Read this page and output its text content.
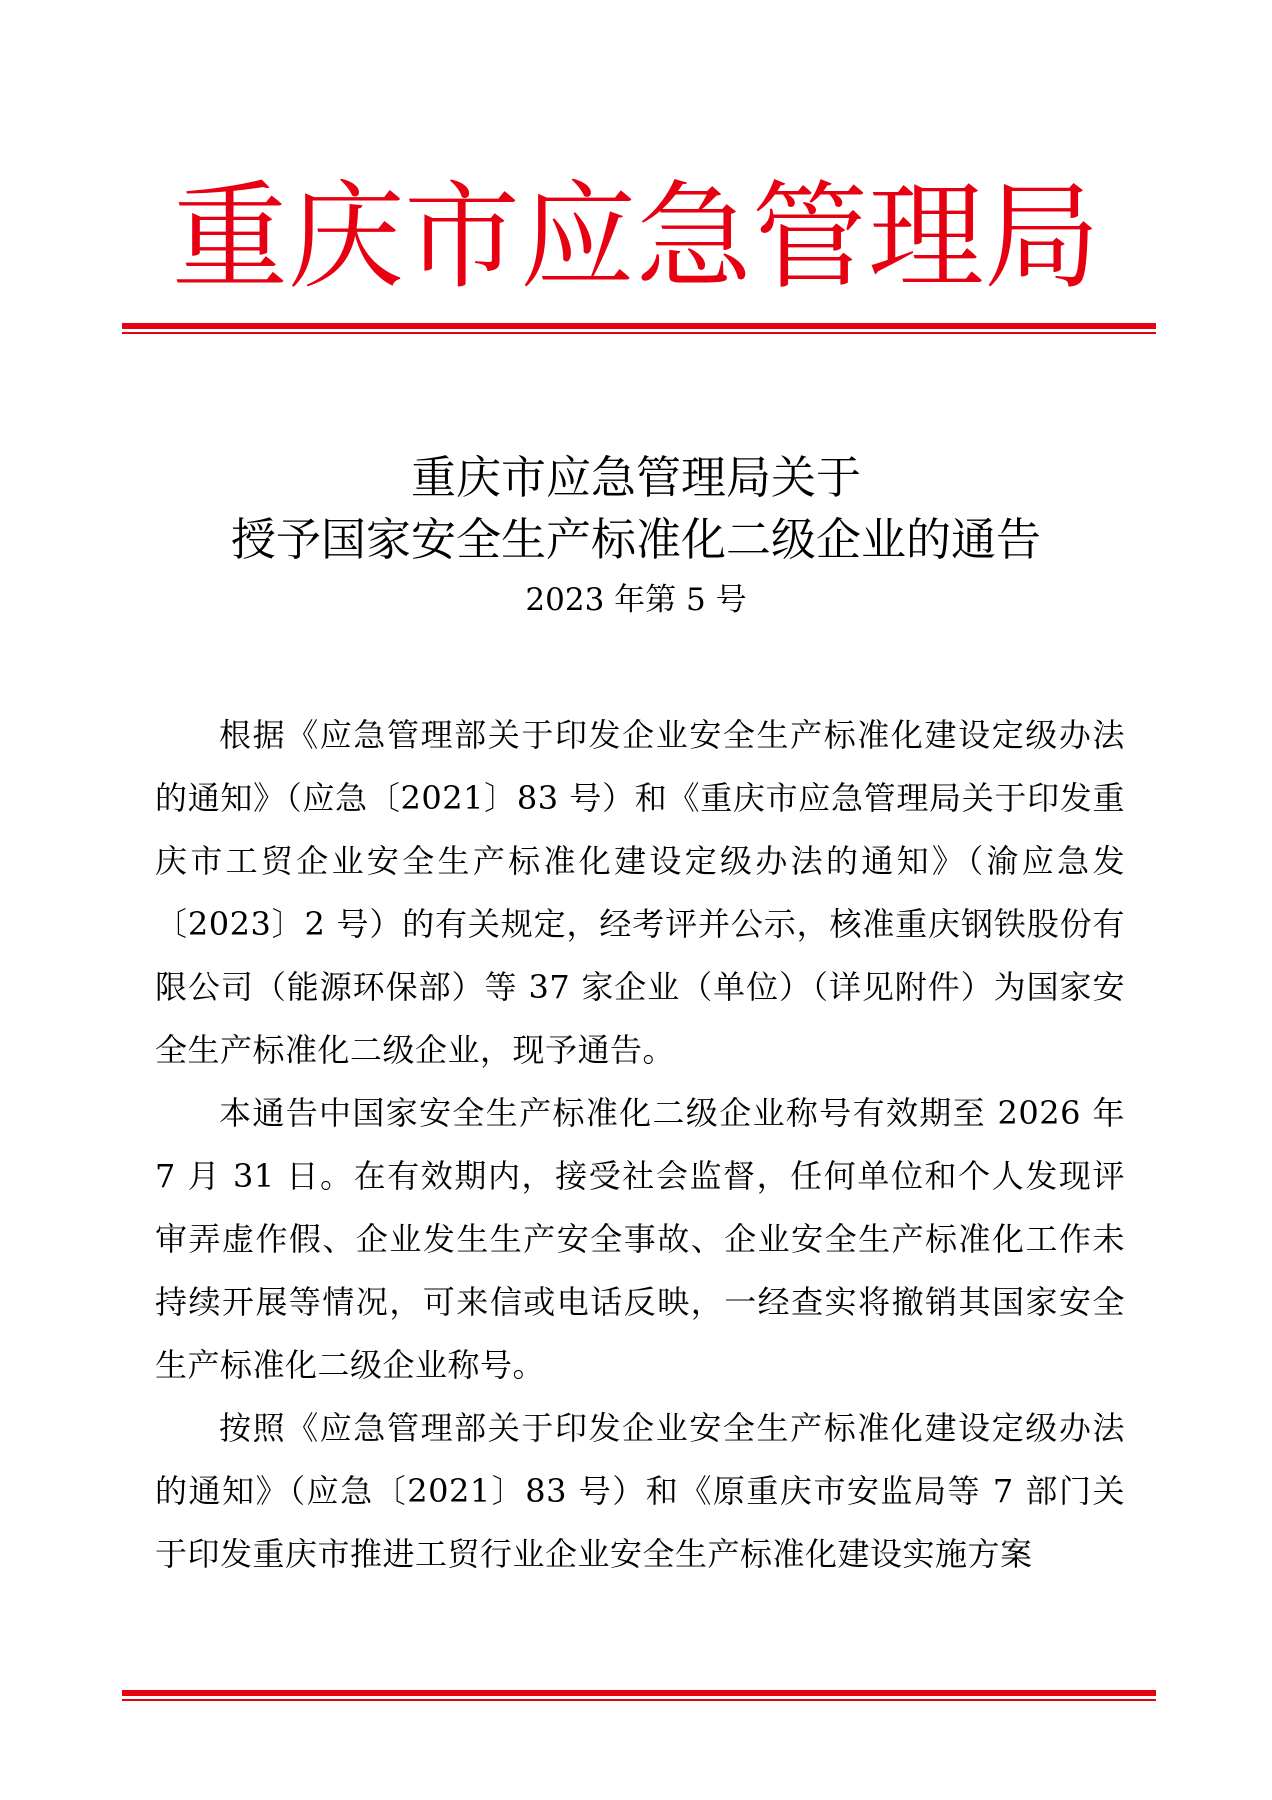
重庆市应急管理局
重庆市应急管理局关于
授予国家安全生产标准化二级企业的通告
2023 年第 5 号

根据《应急管理部关于印发企业安全生产标准化建设定级办法的通知》（应急〔2021〕83 号）和《重庆市应急管理局关于印发重庆市工贸企业安全生产标准化建设定级办法的通知》（渝应急发〔2023〕2 号）的有关规定，经考评并公示，核准重庆钢铁股份有限公司（能源环保部）等 37 家企业（单位）（详见附件）为国家安全生产标准化二级企业，现予通告。

本通告中国家安全生产标准化二级企业称号有效期至 2026 年 7 月 31 日。在有效期内，接受社会监督，任何单位和个人发现评审弄虚作假、企业发生生产安全事故、企业安全生产标准化工作未持续开展等情况，可来信或电话反映，一经查实将撤销其国家安全生产标准化二级企业称号。

按照《应急管理部关于印发企业安全生产标准化建设定级办法的通知》（应急〔2021〕83 号）和《原重庆市安监局等 7 部门关于印发重庆市推进工贸行业企业安全生产标准化建设实施方案
